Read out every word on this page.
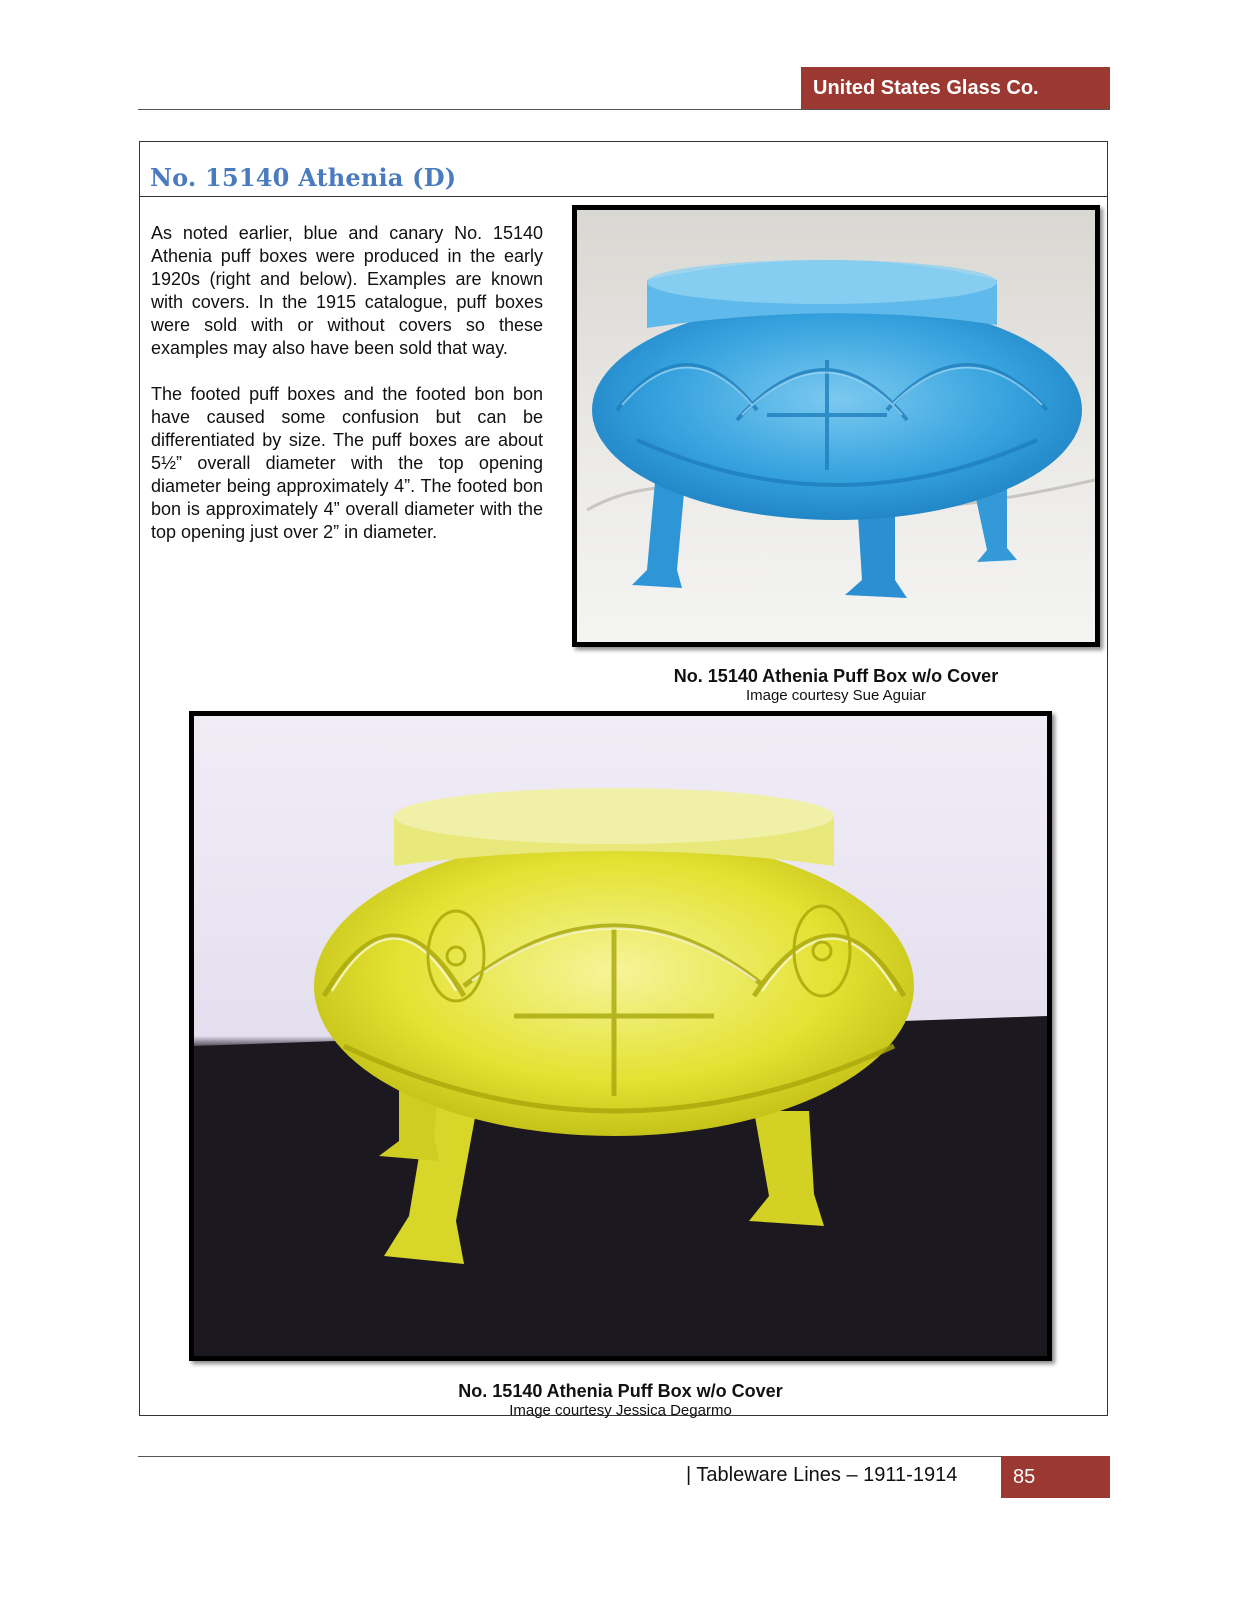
United States Glass Co.
No. 15140 Athenia (D)

As noted earlier, blue and canary No. 15140 Athenia puff boxes were produced in the early 1920s (right and below). Examples are known with covers. In the 1915 catalogue, puff boxes were sold with or without covers so these examples may also have been sold that way.

The footed puff boxes and the footed bon bon have caused some confusion but can be differentiated by size. The puff boxes are about 5½” overall diameter with the top opening diameter being approximately 4”. The footed bon bon is approximately 4” overall diameter with the top opening just over 2” in diameter.

No. 15140 Athenia Puff Box w/o Cover
Image courtesy Sue Aguiar
No. 15140 Athenia Puff Box w/o Cover
Image courtesy Jessica Degarmo
| Tableware Lines – 1911-1914	85
